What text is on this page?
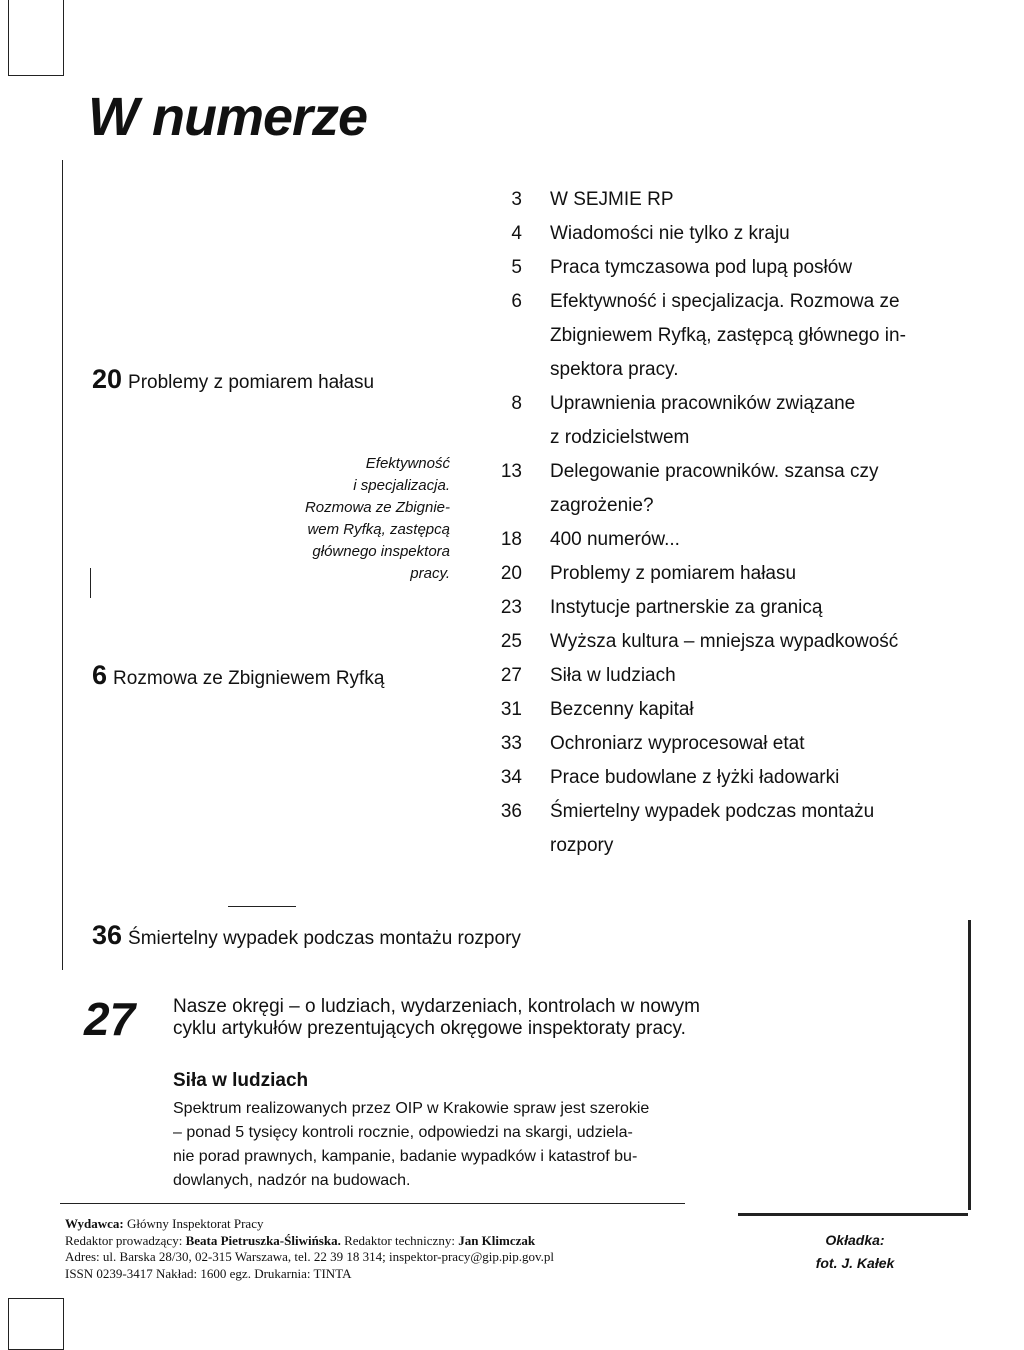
W numerze
3 W SEJMIE RP
4 Wiadomości nie tylko z kraju
5 Praca tymczasowa pod lupą posłów
6 Efektywność i specjalizacja. Rozmowa ze
Zbigniewem Ryfką, zastępcą głównego in-
spektora pracy.
8 Uprawnienia pracowników związane
z rodzicielstwem
13 Delegowanie pracowników. szansa czy
zagrożenie?
18 400 numerów...
20 Problemy z pomiarem hałasu
23 Instytucje partnerskie za granicą
25 Wyższa kultura – mniejsza wypadkowość
27 Siła w ludziach
31 Bezcenny kapitał
33 Ochroniarz wyprocesował etat
34 Prace budowlane z łyżki ładowarki
36 Śmiertelny wypadek podczas montażu
rozpory
20 Problemy z pomiarem hałasu
Efektywność
i specjalizacja.
Rozmowa ze Zbignie-
wem Ryfką, zastępcą
głównego inspektora
pracy.
6 Rozmowa ze Zbigniewem Ryfką
36 Śmiertelny wypadek podczas montażu rozpory
27 Nasze okręgi – o ludziach, wydarzeniach, kontrolach w nowym cyklu artykułów prezentujących okręgowe inspektoraty pracy.
Siła w ludziach
Spektrum realizowanych przez OIP w Krakowie spraw jest szerokie
– ponad 5 tysięcy kontroli rocznie, odpowiedzi na skargi, udziela-
nie porad prawnych, kampanie, badanie wypadków i katastrof bu-
dowlanych, nadzór na budowach.
Wydawca: Główny Inspektorat Pracy
Redaktor prowadzący: Beata Pietruszka-Śliwińska. Redaktor techniczny: Jan Klimczak
Adres: ul. Barska 28/30, 02-315 Warszawa, tel. 22 39 18 314; inspektor-pracy@gip.pip.gov.pl
ISSN 0239-3417 Nakład: 1600 egz. Drukarnia: TINTA
Okładka:
fot. J. Kałek
